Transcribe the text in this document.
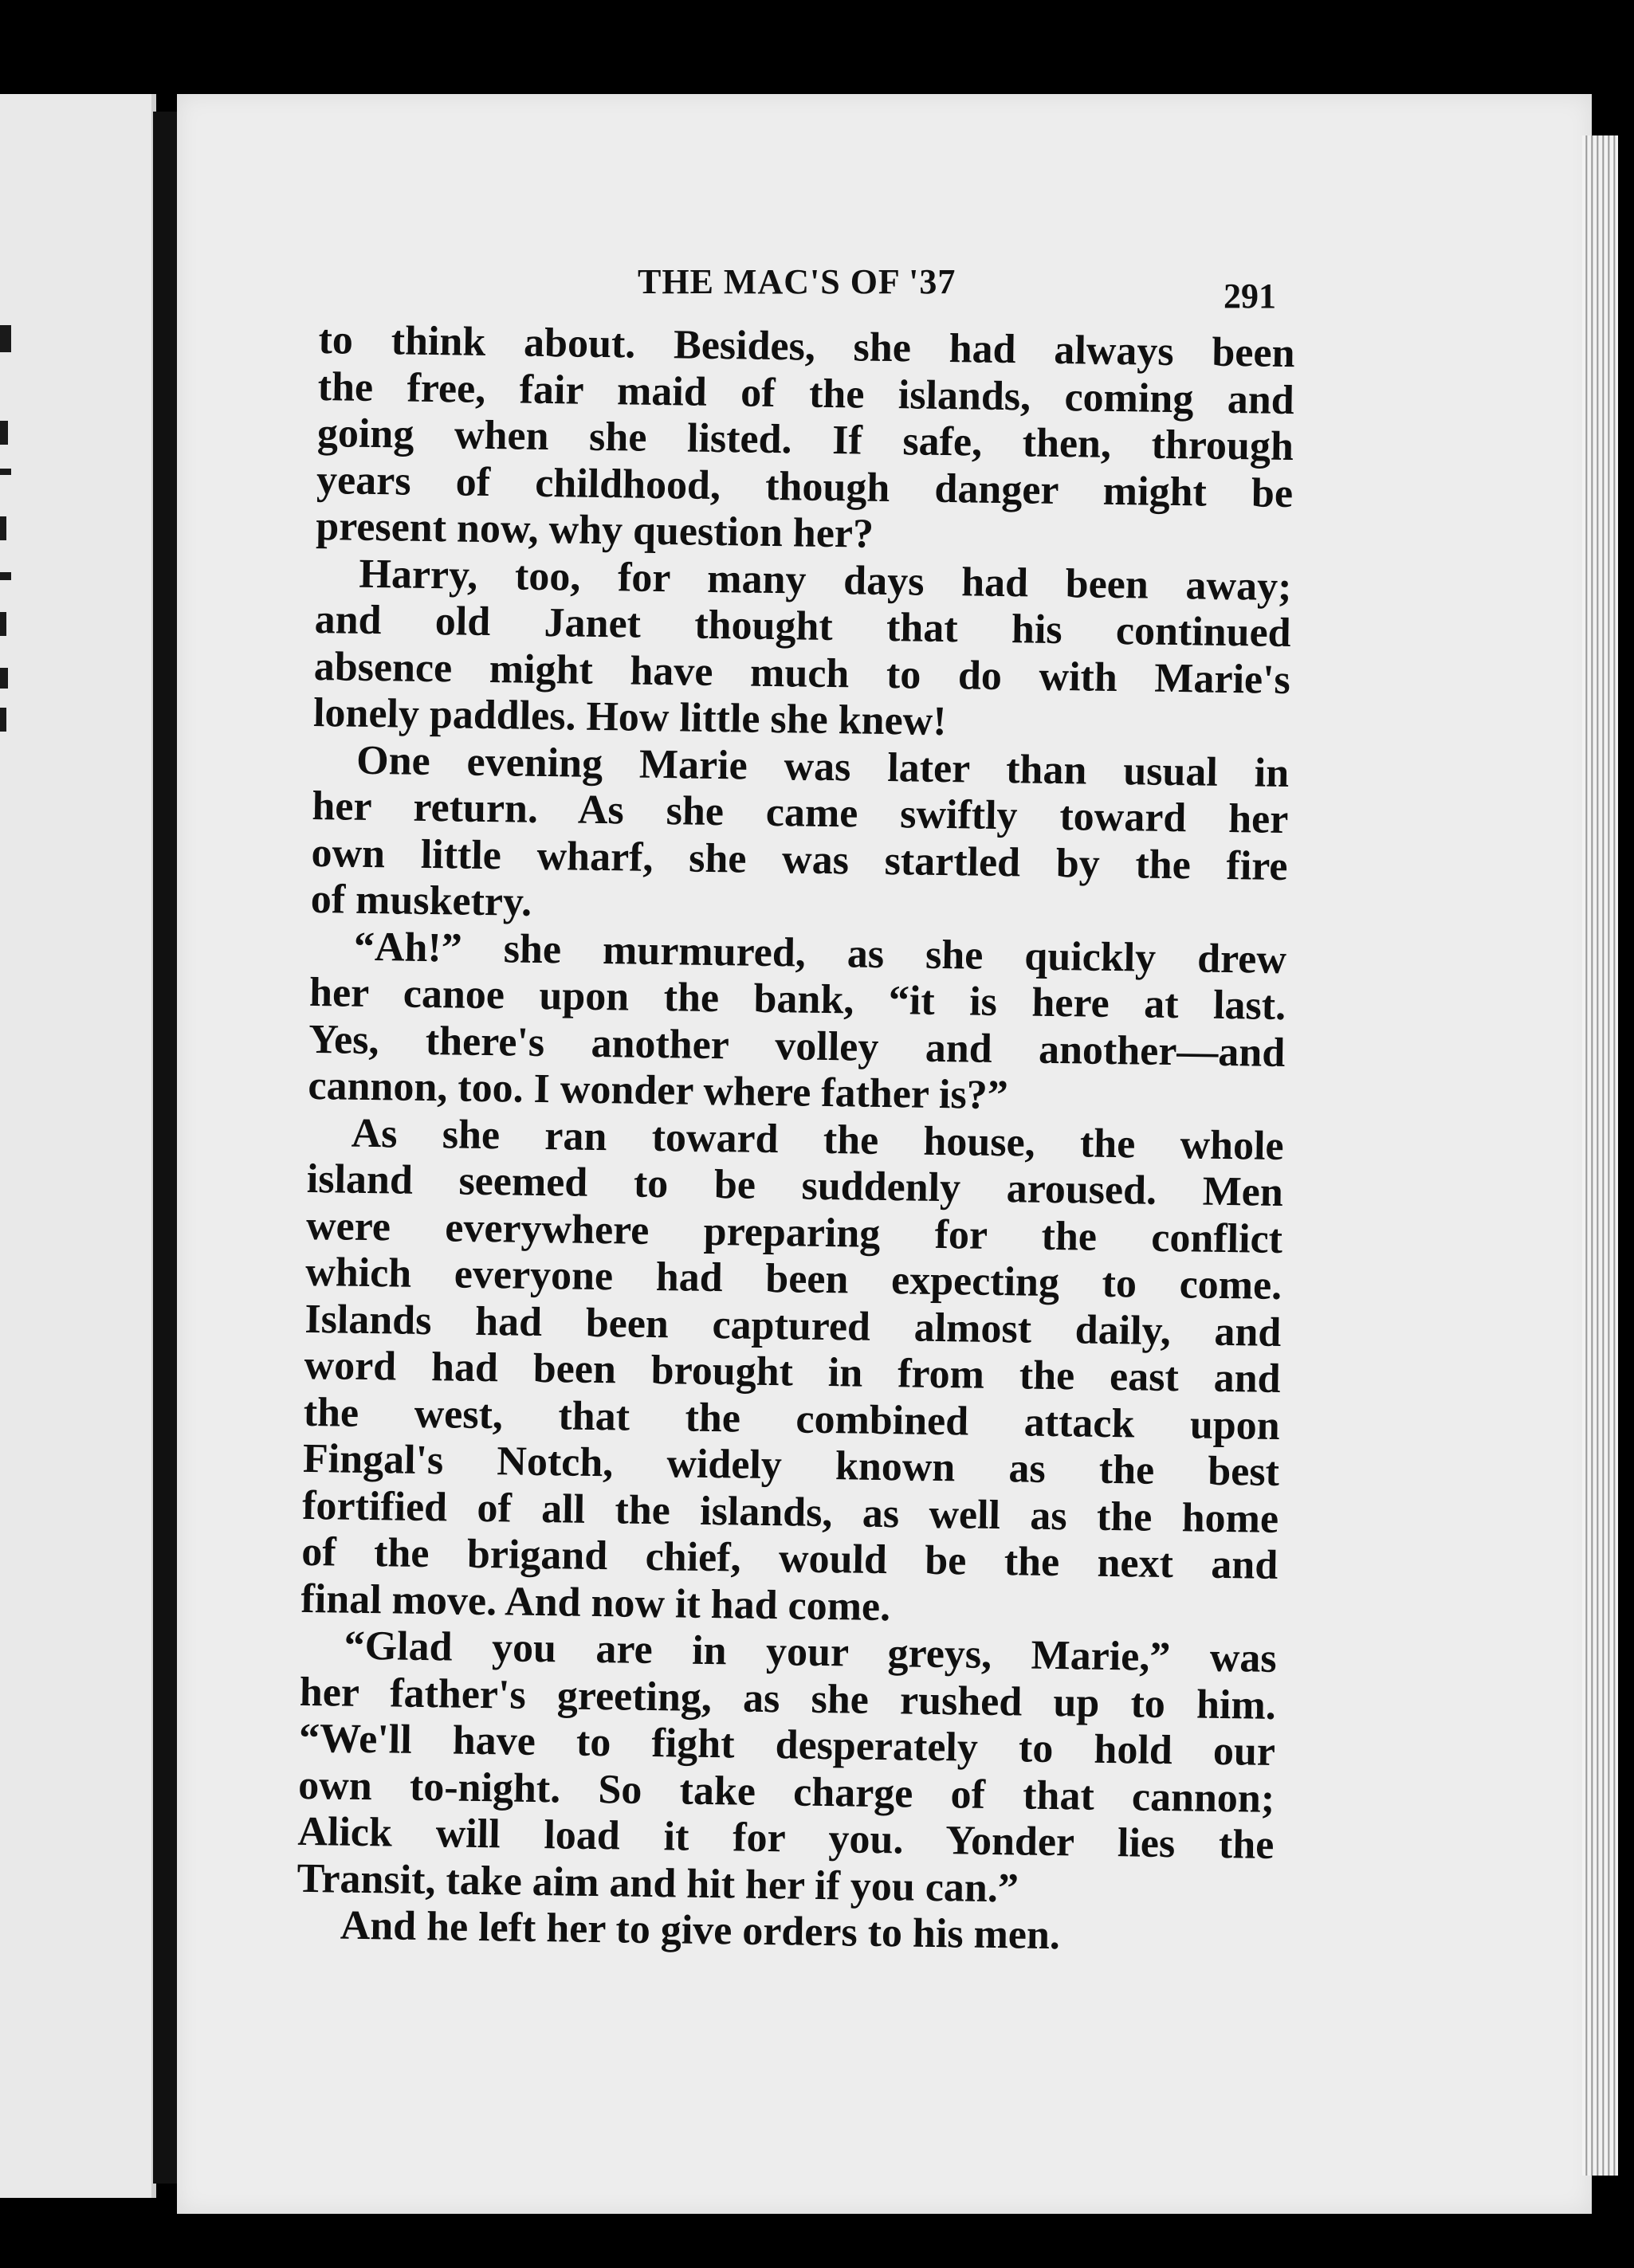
THE MAC'S OF '37	291
to think about. Besides, she had always been
the free, fair maid of the islands, coming and
going when she listed. If safe, then, through
years of childhood, though danger might be
present now, why question her?
Harry, too, for many days had been away;
and old Janet thought that his continued
absence might have much to do with Marie's
lonely paddles. How little she knew!
One evening Marie was later than usual in
her return. As she came swiftly toward her
own little wharf, she was startled by the fire
of musketry.
“Ah!” she murmured, as she quickly drew
her canoe upon the bank, “it is here at last.
Yes, there's another volley and another—and
cannon, too. I wonder where father is?”
As she ran toward the house, the whole
island seemed to be suddenly aroused. Men
were everywhere preparing for the conflict
which everyone had been expecting to come.
Islands had been captured almost daily, and
word had been brought in from the east and
the west, that the combined attack upon
Fingal's Notch, widely known as the best
fortified of all the islands, as well as the home
of the brigand chief, would be the next and
final move. And now it had come.
“Glad you are in your greys, Marie,” was
her father's greeting, as she rushed up to him.
“We'll have to fight desperately to hold our
own to-night. So take charge of that cannon;
Alick will load it for you. Yonder lies the
Transit, take aim and hit her if you can.”
And he left her to give orders to his men.
